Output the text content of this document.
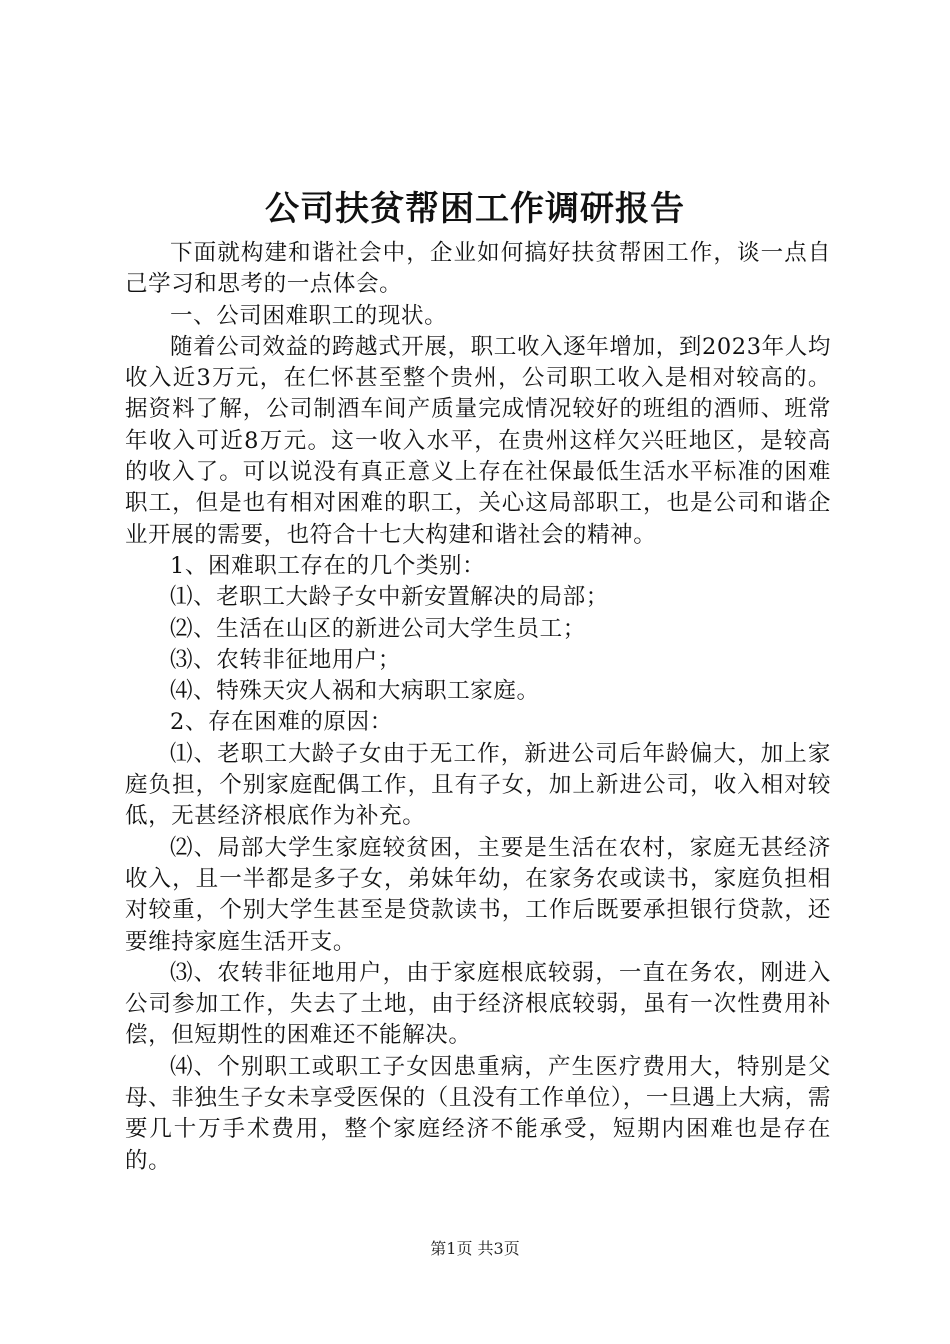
公司扶贫帮困工作调研报告

下面就构建和谐社会中，企业如何搞好扶贫帮困工作，谈一点自己学习和思考的一点体会。

一、公司困难职工的现状。

随着公司效益的跨越式开展，职工收入逐年增加，到2023年人均收入近3万元，在仁怀甚至整个贵州，公司职工收入是相对较高的。据资料了解，公司制酒车间产质量完成情况较好的班组的酒师、班常年收入可近8万元。这一收入水平，在贵州这样欠兴旺地区，是较高的收入了。可以说没有真正意义上存在社保最低生活水平标准的困难职工，但是也有相对困难的职工，关心这局部职工，也是公司和谐企业开展的需要，也符合十七大构建和谐社会的精神。

1、困难职工存在的几个类别：

⑴、老职工大龄子女中新安置解决的局部；

⑵、生活在山区的新进公司大学生员工；

⑶、农转非征地用户；

⑷、特殊天灾人祸和大病职工家庭。

2、存在困难的原因：

⑴、老职工大龄子女由于无工作，新进公司后年龄偏大，加上家庭负担，个别家庭配偶工作，且有子女，加上新进公司，收入相对较低，无甚经济根底作为补充。

⑵、局部大学生家庭较贫困，主要是生活在农村，家庭无甚经济收入，且一半都是多子女，弟妹年幼，在家务农或读书，家庭负担相对较重，个别大学生甚至是贷款读书，工作后既要承担银行贷款，还要维持家庭生活开支。

⑶、农转非征地用户，由于家庭根底较弱，一直在务农，刚进入公司参加工作，失去了土地，由于经济根底较弱，虽有一次性费用补偿，但短期性的困难还不能解决。

⑷、个别职工或职工子女因患重病，产生医疗费用大，特别是父母、非独生子女未享受医保的（且没有工作单位），一旦遇上大病，需要几十万手术费用，整个家庭经济不能承受，短期内困难也是存在的。

第1页 共3页
